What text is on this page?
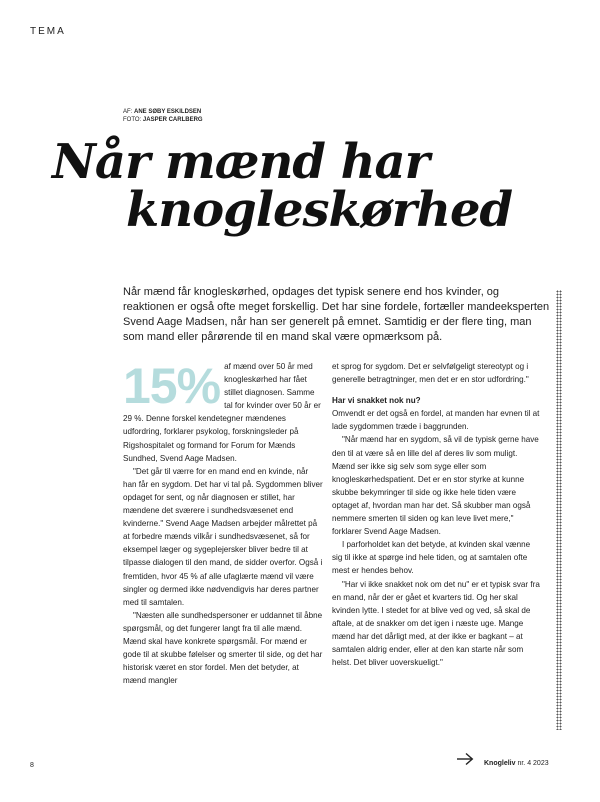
TEMA
AF: ANE SØBY ESKILDSEN
FOTO: JASPER CARLBERG
Når mænd har
knogleskørhed
Når mænd får knogleskørhed, opdages det typisk senere end hos kvinder, og reaktionen er også ofte meget forskellig. Det har sine fordele, fortæller mandeeksperten Svend Aage Madsen, når han ser generelt på emnet. Samtidig er der flere ting, man som mand eller pårørende til en mand skal være opmærksom på.

15% af mænd over 50 år med knogleskørhed har fået stillet diagnosen. Samme tal for kvinder over 50 år er 29 %. Denne forskel kendetegner mændenes udfordring, forklarer psykolog, forskningsleder på Rigshospitalet og formand for Forum for Mænds Sundhed, Svend Aage Madsen.

"Det går til værre for en mand end en kvinde, når han får en sygdom. Det har vi tal på. Sygdommen bliver opdaget for sent, og når diagnosen er stillet, har mændene det sværere i sundhedsvæsenet end kvinderne." Svend Aage Madsen arbejder målrettet på at forbedre mænds vilkår i sundhedsvæsenet, så for eksempel læger og sygeplejersker bliver bedre til at tilpasse dialogen til den mand, de sidder overfor. Også i fremtiden, hvor 45 % af alle ufaglærte mænd vil være singler og dermed ikke nødvendigvis har deres partner med til samtalen.

"Næsten alle sundhedspersoner er uddannet til åbne spørgsmål, og det fungerer langt fra til alle mænd. Mænd skal have konkrete spørgsmål. For mænd er gode til at skubbe følelser og smerter til side, og det har historisk været en stor fordel. Men det betyder, at mænd mangler

et sprog for sygdom. Det er selvfølgeligt stereotypt og i generelle betragtninger, men det er en stor udfordring."

Har vi snakket nok nu?

Omvendt er det også en fordel, at manden har evnen til at lade sygdommen træde i baggrunden.

"Når mænd har en sygdom, så vil de typisk gerne have den til at være så en lille del af deres liv som muligt. Mænd ser ikke sig selv som syge eller som knogleskørhedspatient. Det er en stor styrke at kunne skubbe bekymringer til side og ikke hele tiden være optaget af, hvordan man har det. Så skubber man også nemmere smerten til siden og kan leve livet mere," forklarer Svend Aage Madsen.

I parforholdet kan det betyde, at kvinden skal vænne sig til ikke at spørge ind hele tiden, og at samtalen ofte mest er hendes behov.

"Har vi ikke snakket nok om det nu" er et typisk svar fra en mand, når der er gået et kvarters tid. Og her skal kvinden lytte. I stedet for at blive ved og ved, så skal de aftale, at de snakker om det igen i næste uge. Mange mænd har det dårligt med, at der ikke er bagkant – at samtalen aldrig ender, eller at den kan starte når som helst. Det bliver uoverskueligt."

8	Knogleliv nr. 4 2023
